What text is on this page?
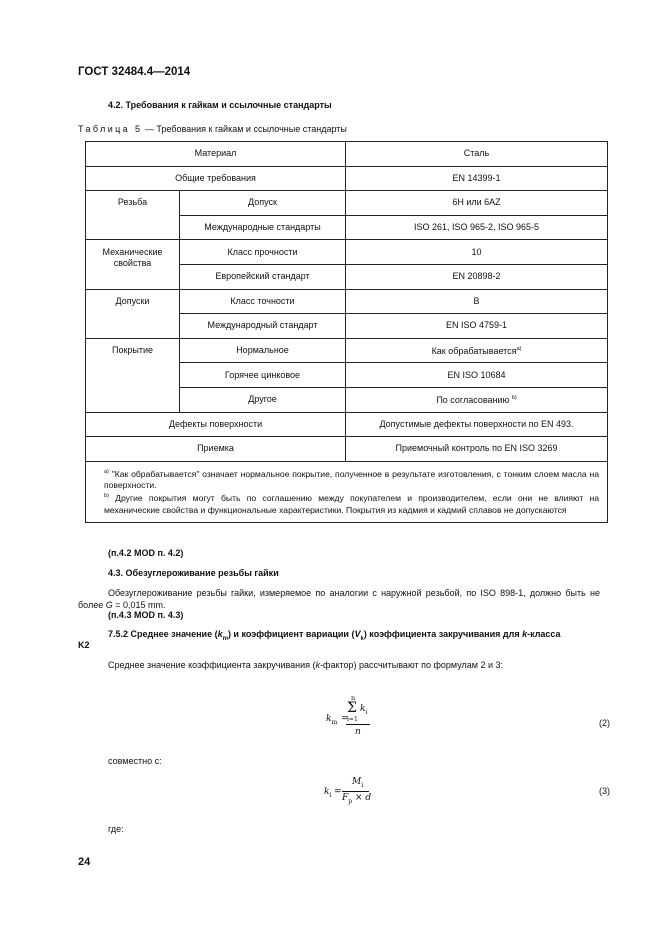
ГОСТ 32484.4—2014
4.2. Требования к гайкам и ссылочные стандарты
Таблица 5 — Требования к гайкам и ссылочные стандарты
Материал		Сталь
Общие требования		EN 14399-1
Резьба	Допуск	6H или 6AZ
	Международные стандарты	ISO 261, ISO 965-2, ISO 965-5
Механические свойства	Класс прочности	10
	Европейский стандарт	EN 20898-2
Допуски	Класс точности	B
	Международный стандарт	EN ISO 4759-1
Покрытие	Нормальное	Как обрабатывается$^{а)}$
	Горячее цинковое	EN ISO 10684
	Другое	По согласованию $^{b)}$
Дефекты поверхности		Допустимые дефекты поверхности по EN 493.
Приемка		Приемочный контроль по EN ISO 3269

$^{а)}$ "Как обрабатывается" означает нормальное покрытие, полученное в результате изготовления, с тонким слоем масла на поверхности.
$^{b)}$ Другие покрытия могут быть по соглашению между покупателем и производителем, если они не влияют на механические свойства и функциональные характеристики. Покрытия из кадмия и кадмий сплавов не допускаются		
(п.4.2 MOD п. 4.2)
4.3. Обезуглероживание резьбы гайки
Обезуглероживание резьбы гайки, измеряемое по аналогии с наружной резьбой, по ISO 898-1, должно быть не более G = 0,015 mm.
(п.4.3 MOD п. 4.3)
7.5.2 Среднее значение $(k_m)$ и коэффициент вариации $(V_k)$ коэффициента закручивания для k-класса
K2
Среднее значение коэффициента закручивания (k-фактор) рассчитывают по формулам 2 и 3:
$k_m$ =
n
Σ
i=1
$k_i$
n
(2)
совместно с:
$k_i$ =
$M_i$
$F_p \times d$
(3)
где:
24
